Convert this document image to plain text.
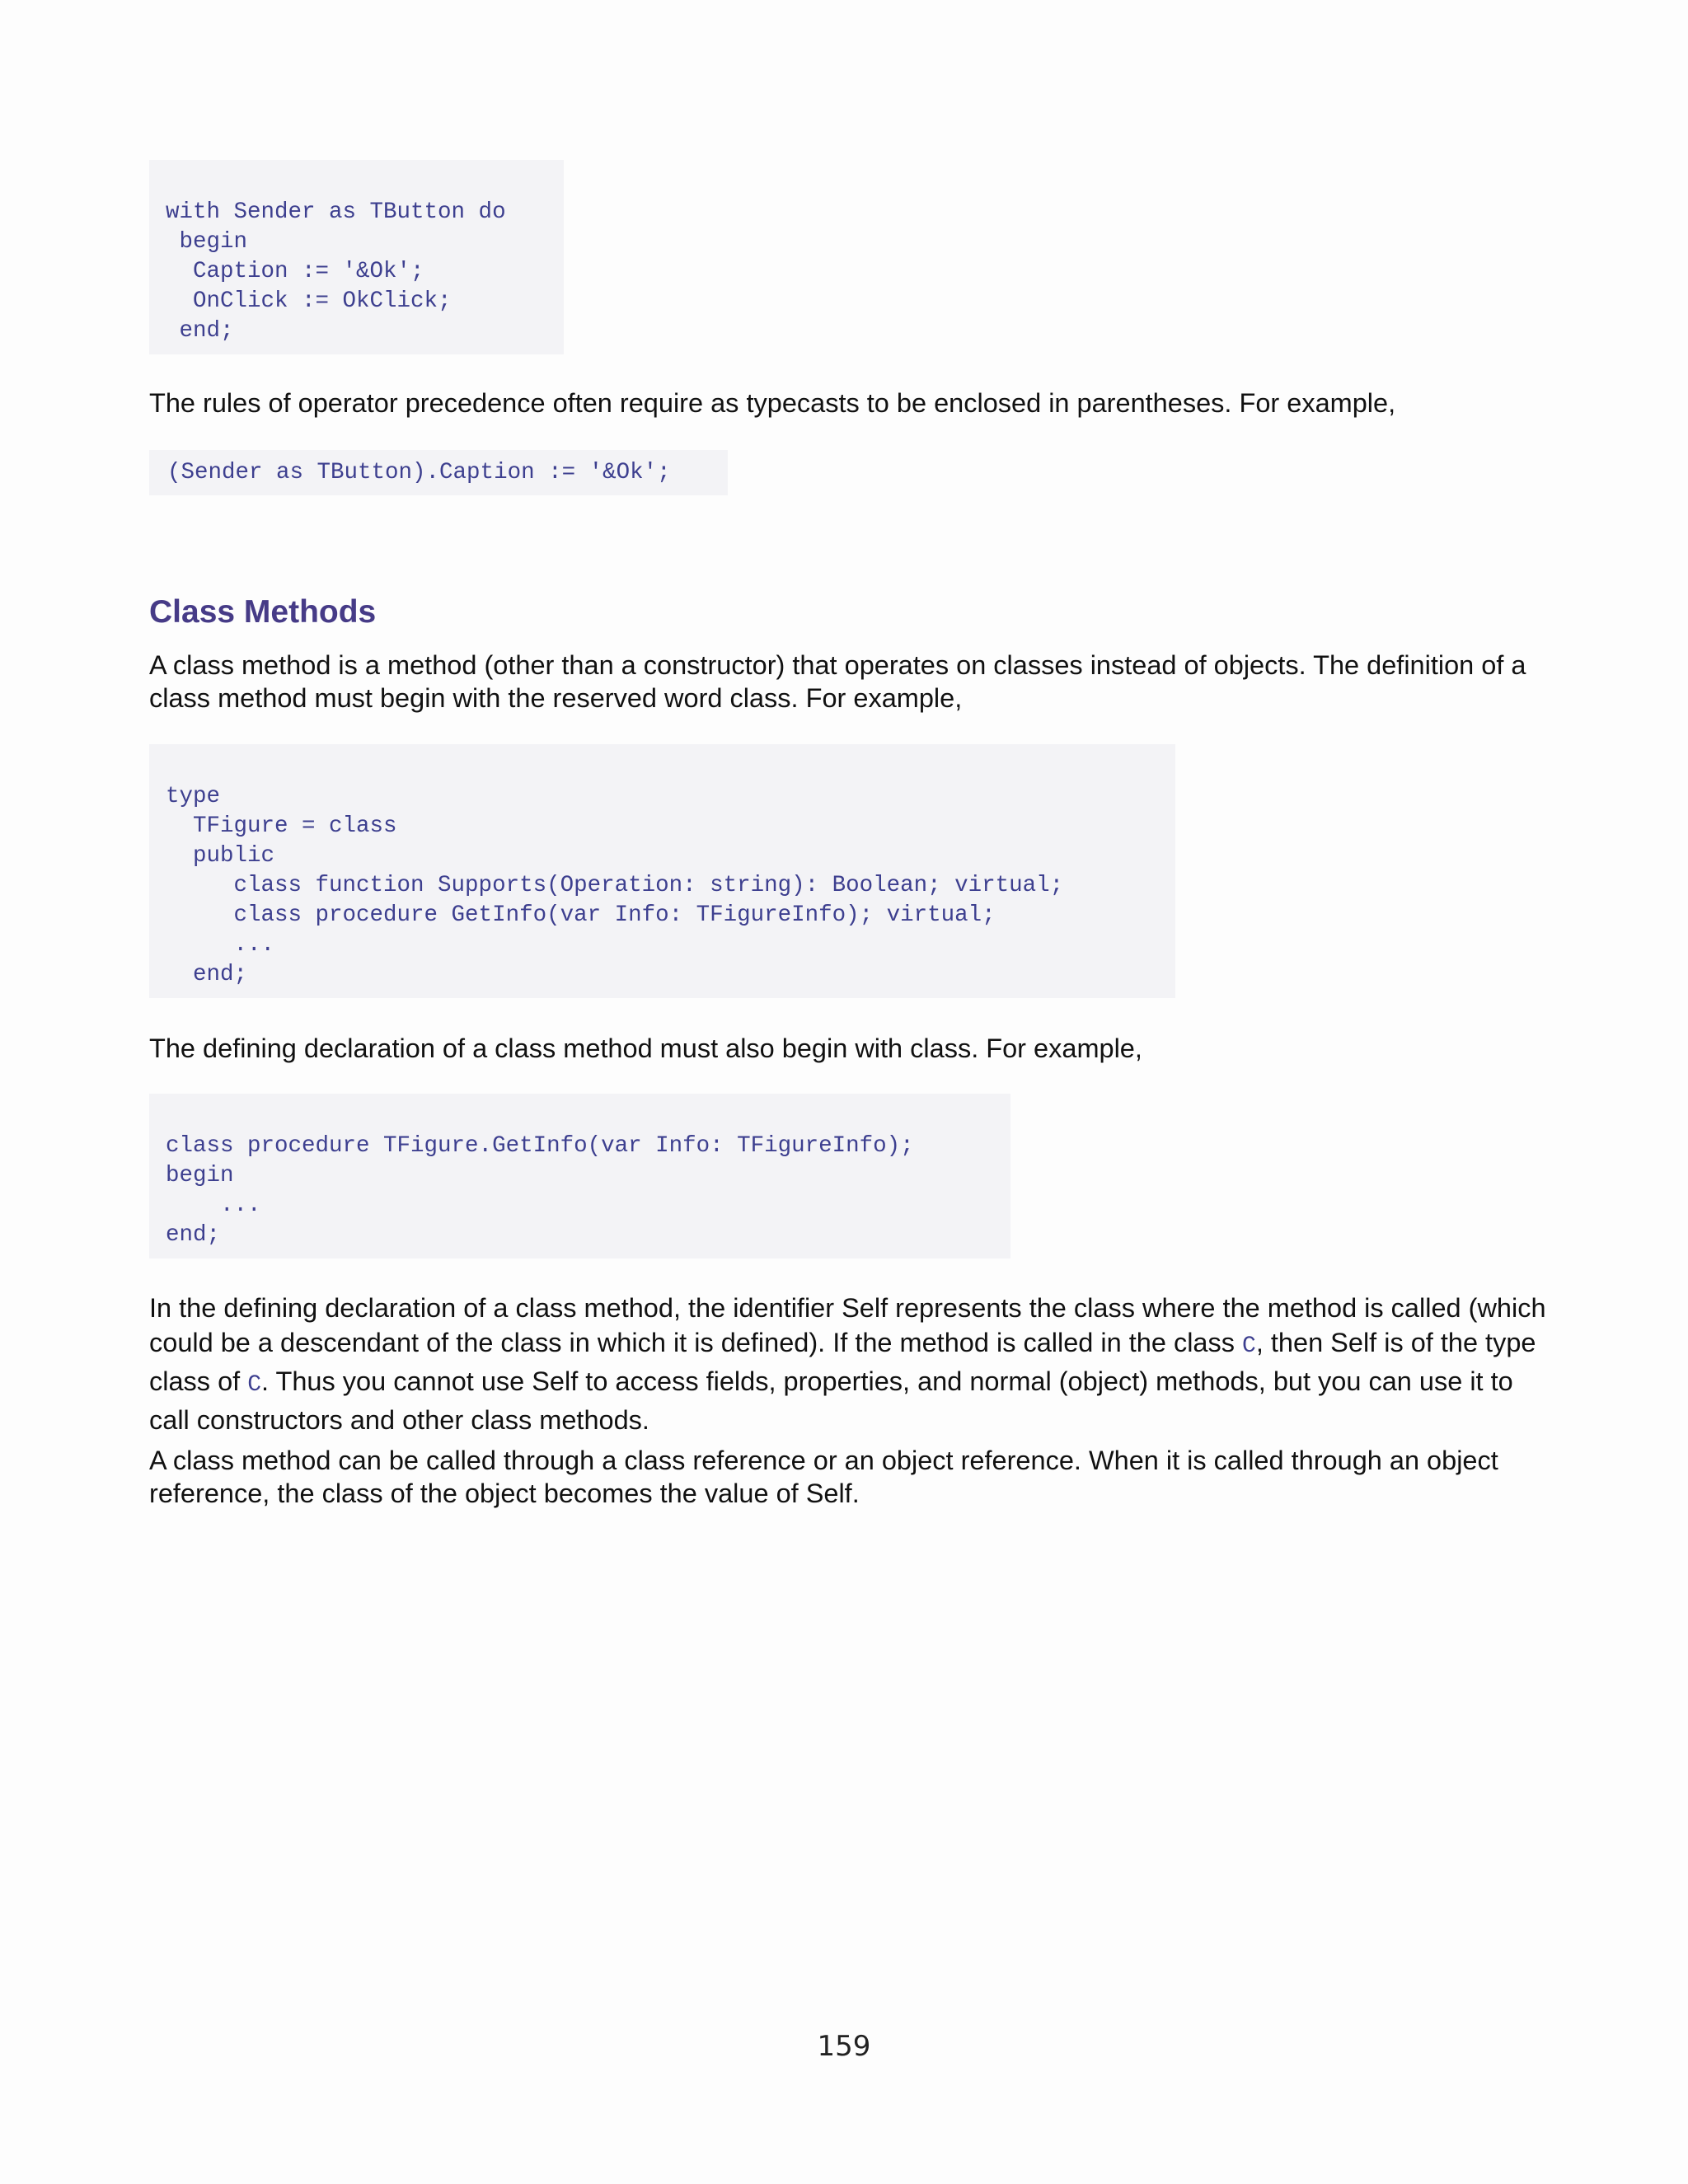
with Sender as TButton do
begin
Caption := '&Ok';
OnClick := OkClick;
end;

The rules of operator precedence often require as typecasts to be enclosed in parentheses. For example,

(Sender as TButton).Caption := '&Ok';
Class Methods

A class method is a method (other than a constructor) that operates on classes instead of objects. The definition of a class method must begin with the reserved word class. For example,

type
TFigure = class
public
class function Supports(Operation: string): Boolean; virtual;
class procedure GetInfo(var Info: TFigureInfo); virtual;
...
end;

The defining declaration of a class method must also begin with class. For example,

class procedure TFigure.GetInfo(var Info: TFigureInfo);
begin
...
end;

In the defining declaration of a class method, the identifier Self represents the class where the method is called (which could be a descendant of the class in which it is defined). If the method is called in the class C, then Self is of the type class of C. Thus you cannot use Self to access fields, properties, and normal (object) methods, but you can use it to call constructors and other class methods.

A class method can be called through a class reference or an object reference. When it is called through an object reference, the class of the object becomes the value of Self.

159
